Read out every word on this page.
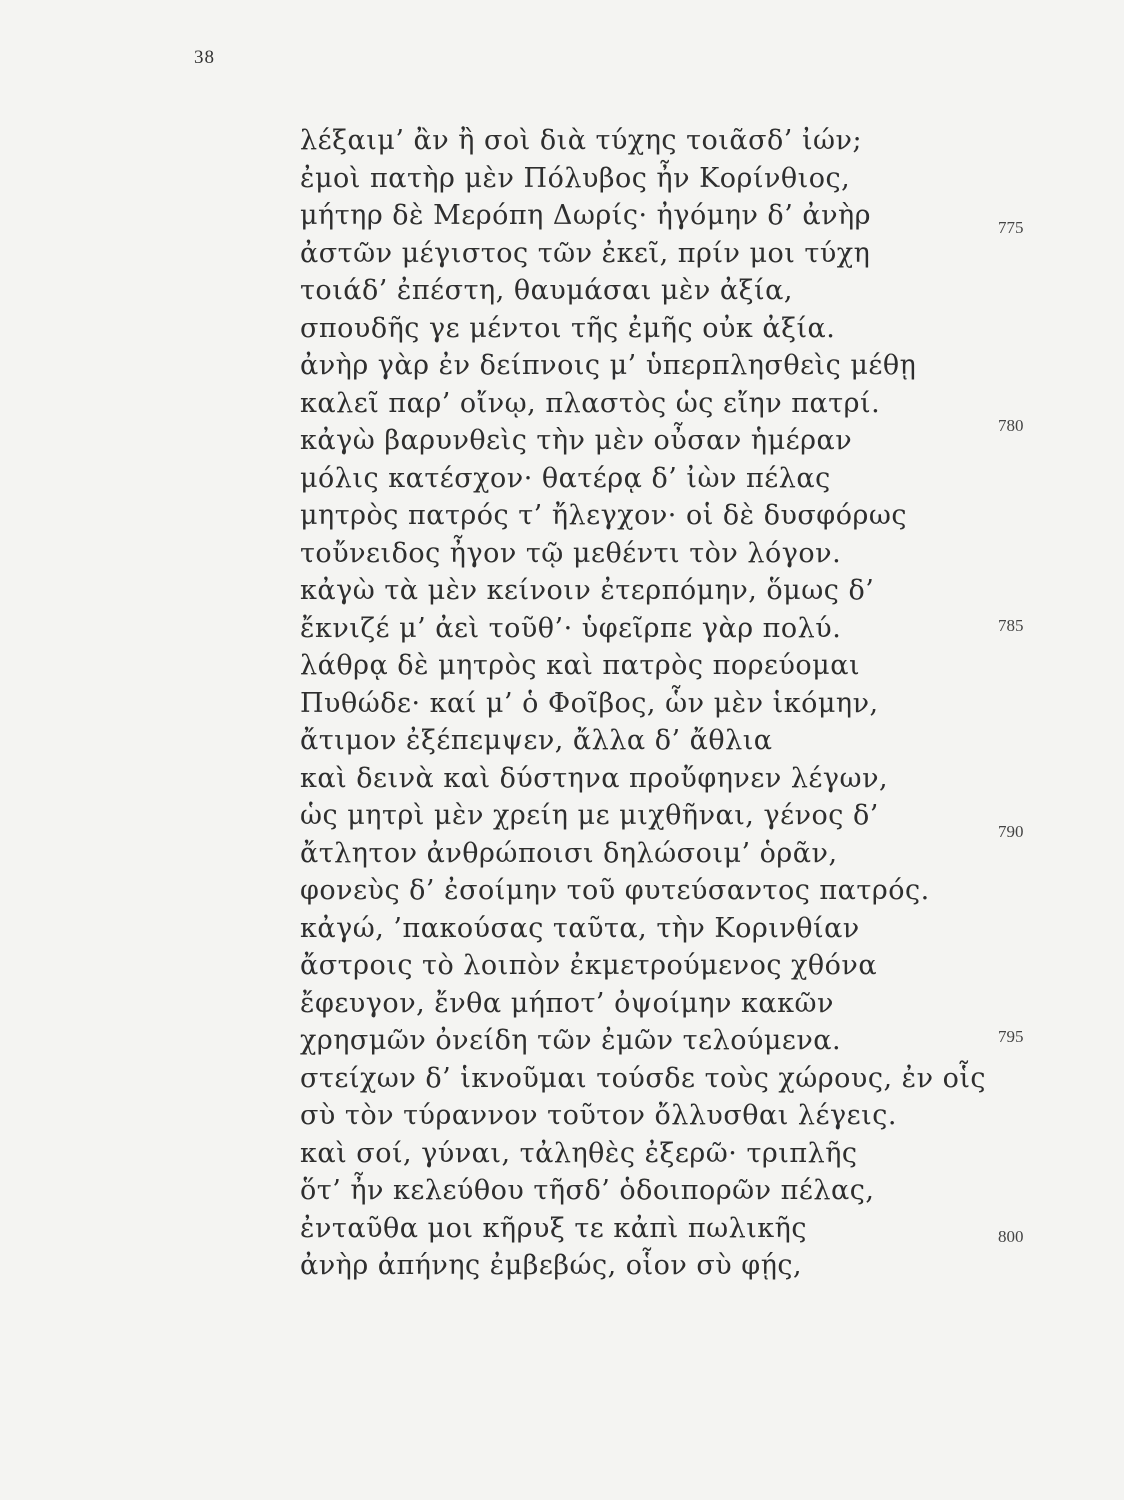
38
λέξαιμ’ ἂν ἢ σοὶ διὰ τύχης τοιᾶσδ’ ἰών;
ἐμοὶ πατὴρ μὲν Πόλυβος ἦν Κορίνθιος,
μήτηρ δὲ Μερόπη Δωρίς· ἠγόμην δ’ ἀνὴρ
ἀστῶν μέγιστος τῶν ἐκεῖ, πρίν μοι τύχη
τοιάδ’ ἐπέστη, θαυμάσαι μὲν ἀξία,
σπουδῆς γε μέντοι τῆς ἐμῆς οὐκ ἀξία.
ἀνὴρ γὰρ ἐν δείπνοις μ’ ὑπερπλησθεὶς μέθῃ
καλεῖ παρ’ οἴνῳ, πλαστὸς ὡς εἴην πατρί.
κἀγὼ βαρυνθεὶς τὴν μὲν οὖσαν ἡμέραν
μόλις κατέσχον· θατέρᾳ δ’ ἰὼν πέλας
μητρὸς πατρός τ’ ἤλεγχον· οἱ δὲ δυσφόρως
τοὔνειδος ἦγον τῷ μεθέντι τὸν λόγον.
κἀγὼ τὰ μὲν κείνοιν ἐτερπόμην, ὅμως δ’
ἔκνιζέ μ’ ἀεὶ τοῦθ’· ὑφεῖρπε γὰρ πολύ.
λάθρᾳ δὲ μητρὸς καὶ πατρὸς πορεύομαι
Πυθώδε· καί μ’ ὁ Φοῖβος, ὧν μὲν ἱκόμην,
ἄτιμον ἐξέπεμψεν, ἄλλα δ’ ἄθλια
καὶ δεινὰ καὶ δύστηνα προὔφηνεν λέγων,
ὡς μητρὶ μὲν χρείη με μιχθῆναι, γένος δ’
ἄτλητον ἀνθρώποισι δηλώσοιμ’ ὁρᾶν,
φονεὺς δ’ ἐσοίμην τοῦ φυτεύσαντος πατρός.
κἀγώ, ’πακούσας ταῦτα, τὴν Κορινθίαν
ἄστροις τὸ λοιπὸν ἐκμετρούμενος χθόνα
ἔφευγον, ἔνθα μήποτ’ ὀψοίμην κακῶν
χρησμῶν ὀνείδη τῶν ἐμῶν τελούμενα.
στείχων δ’ ἱκνοῦμαι τούσδε τοὺς χώρους, ἐν οἷς
σὺ τὸν τύραννον τοῦτον ὄλλυσθαι λέγεις.
καὶ σοί, γύναι, τἀληθὲς ἐξερῶ· τριπλῆς
ὅτ’ ἦν κελεύθου τῆσδ’ ὁδοιπορῶν πέλας,
ἐνταῦθα μοι κῆρυξ τε κἀπὶ πωλικῆς
ἀνὴρ ἀπήνης ἐμβεβώς, οἷον σὺ φῄς,
775
780
785
790
795
800
